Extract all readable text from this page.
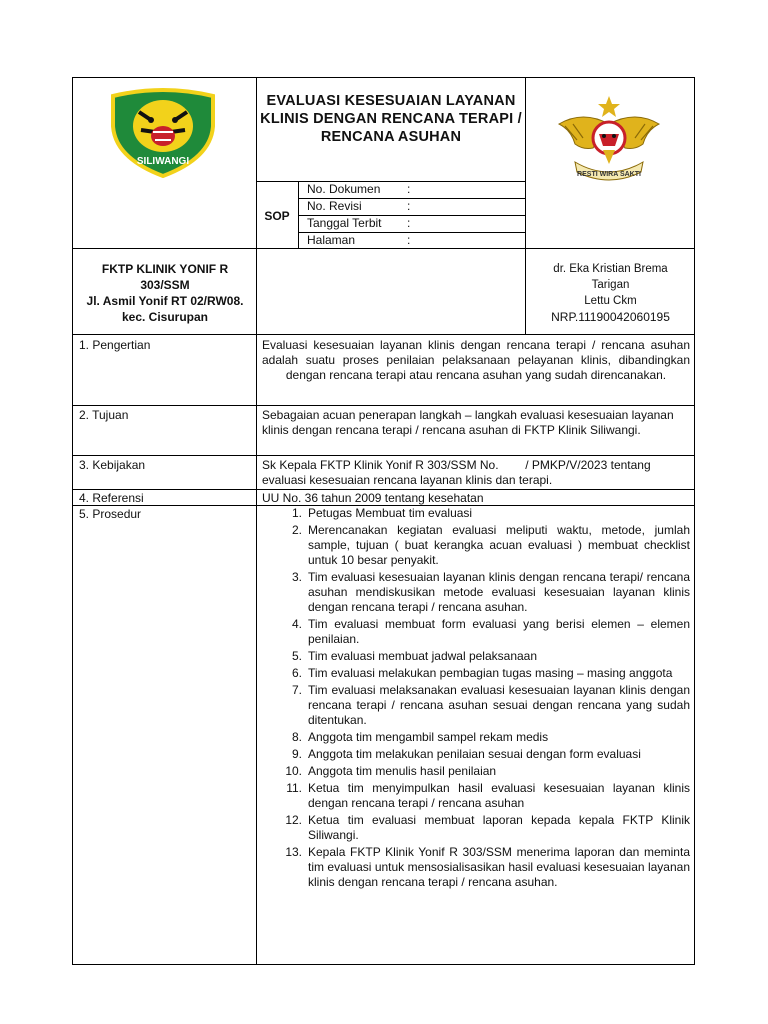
SILIWANGI
EVALUASI KESESUAIAN LAYANAN KLINIS DENGAN RENCANA TERAPI / RENCANA ASUHAN
RESTI WIRA SAKTI
SOP
No. Dokumen :
No. Revisi	:
Tanggal Terbit :
Halaman	:
FKTP KLINIK YONIF R
303/SSM
Jl. Asmil Yonif RT 02/RW08.
kec. Cisurupan
dr. Eka Kristian Brema
Tarigan
Lettu Ckm
NRP.11190042060195
1. Pengertian	Evaluasi kesesuaian layanan klinis dengan rencana terapi / rencana asuhan adalah suatu proses penilaian pelaksanaan pelayanan klinis, dibandingkan dengan rencana terapi atau rencana asuhan yang sudah direncanakan.
2. Tujuan	Sebagaian acuan penerapan langkah – langkah evaluasi kesesuaian layanan klinis dengan rencana terapi / rencana asuhan di FKTP Klinik Siliwangi.
3. Kebijakan	Sk Kepala FKTP Klinik Yonif R 303/SSM No.        / PMKP/V/2023 tentang evaluasi kesesuaian rencana layanan klinis dan terapi.
4. Referensi	UU No. 36 tahun 2009 tentang kesehatan
5. Prosedur	1. Petugas Membuat tim evaluasi
2. Merencanakan kegiatan evaluasi meliputi waktu, metode, jumlah sample, tujuan ( buat kerangka acuan evaluasi ) membuat checklist untuk 10 besar penyakit.
3. Tim evaluasi kesesuaian layanan klinis dengan rencana terapi/ rencana asuhan mendiskusikan metode evaluasi kesesuaian layanan klinis dengan rencana terapi / rencana asuhan.
4. Tim evaluasi membuat form evaluasi yang berisi elemen – elemen penilaian.
5. Tim evaluasi membuat jadwal pelaksanaan
6. Tim evaluasi melakukan pembagian tugas masing – masing anggota
7. Tim evaluasi melaksanakan evaluasi kesesuaian layanan klinis dengan rencana terapi / rencana asuhan sesuai dengan rencana yang sudah ditentukan.
8. Anggota tim mengambil sampel rekam medis
9. Anggota tim melakukan penilaian sesuai dengan form evaluasi
10. Anggota tim menulis hasil penilaian
11. Ketua tim menyimpulkan hasil evaluasi kesesuaian layanan klinis dengan rencana terapi / rencana asuhan
12. Ketua tim evaluasi membuat laporan kepada kepala FKTP Klinik Siliwangi.
13. Kepala FKTP Klinik Yonif R 303/SSM menerima laporan dan meminta tim evaluasi untuk mensosialisasikan hasil evaluasi kesesuaian layanan klinis dengan rencana terapi / rencana asuhan.
